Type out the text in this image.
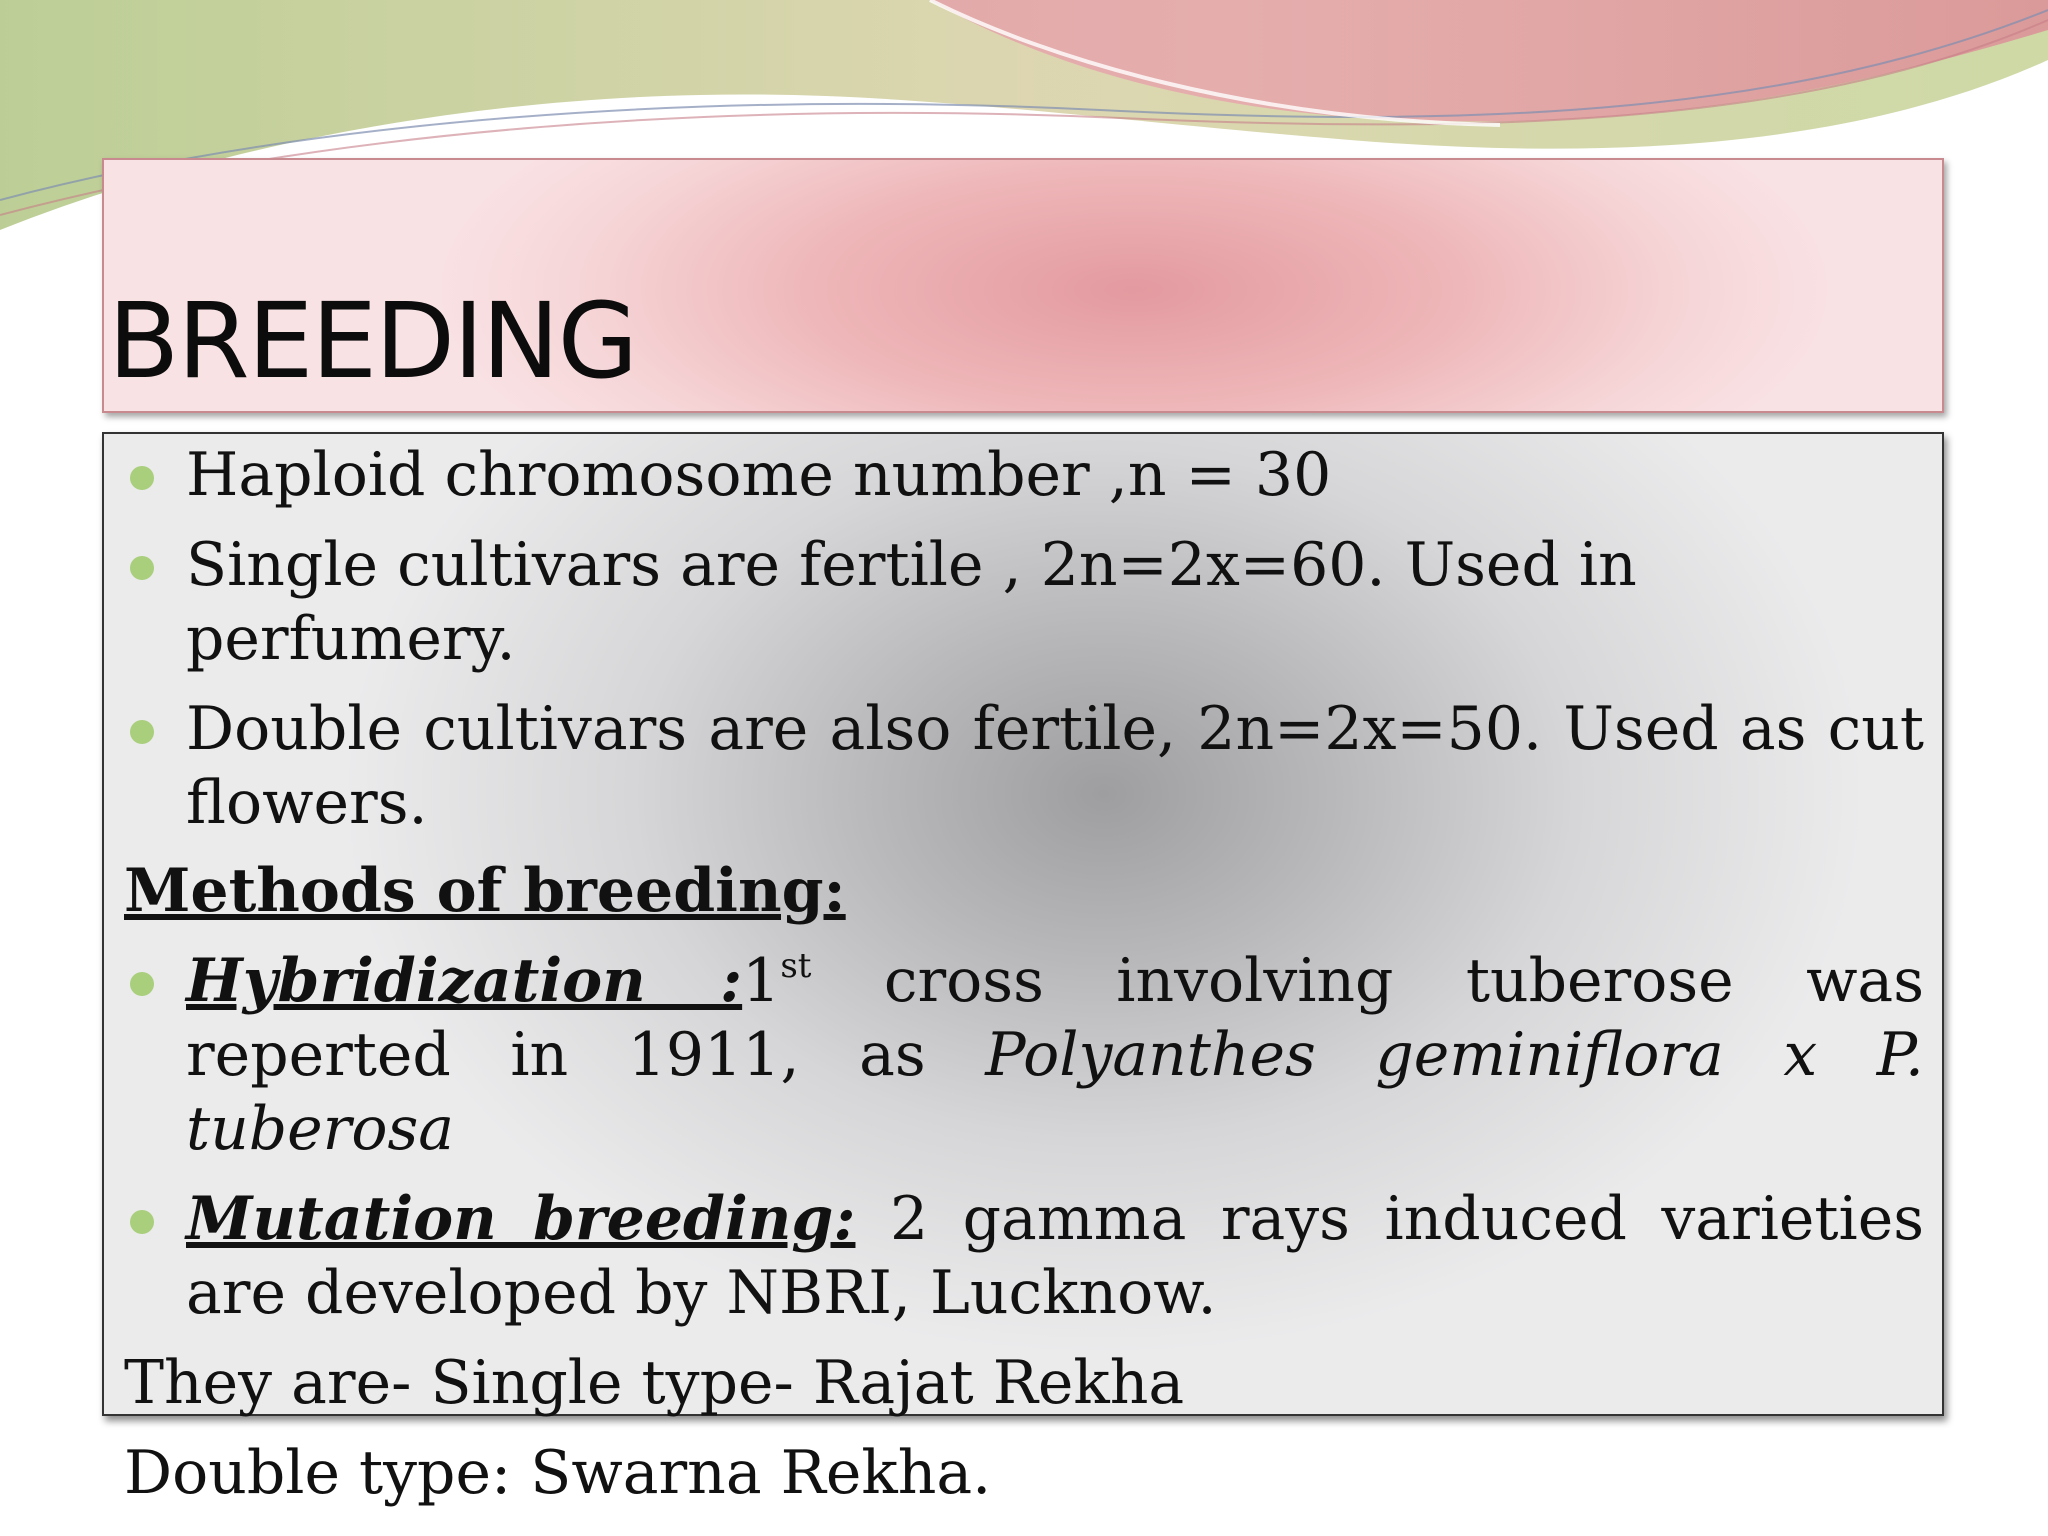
BREEDING

Haploid chromosome number ,n = 30

Single cultivars are fertile , 2n=2x=60. Used in perfumery.

Double cultivars are also fertile, 2n=2x=50. Used as cut flowers.

Methods of breeding:

Hybridization :1st cross involving tuberose was reperted in 1911, as Polyanthes geminiflora x P. tuberosa

Mutation breeding: 2 gamma rays induced varieties are developed by NBRI, Lucknow.

They are- Single type- Rajat Rekha

Double type: Swarna Rekha.
